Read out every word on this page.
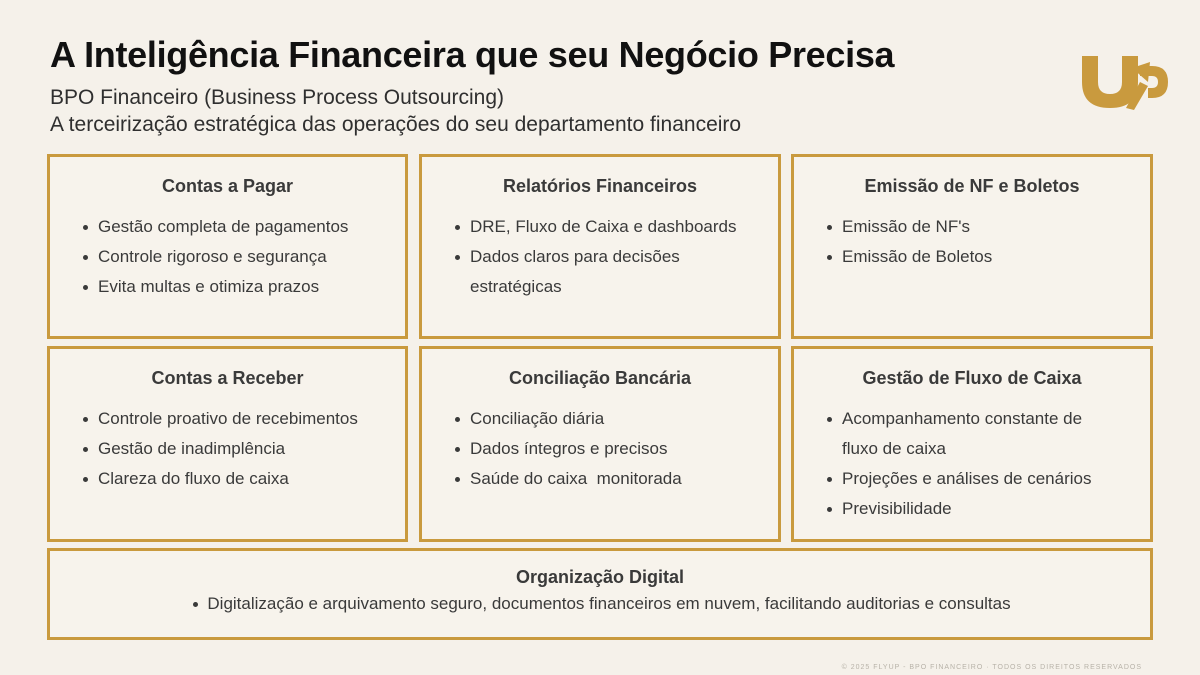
A Inteligência Financeira que seu Negócio Precisa
BPO Financeiro (Business Process Outsourcing)
A terceirização estratégica das operações do seu departamento financeiro
Contas a Pagar
Gestão completa de pagamentos
Controle rigoroso e segurança
Evita multas e otimiza prazos
Relatórios Financeiros
DRE, Fluxo de Caixa e dashboards
Dados claros para decisões estratégicas
Emissão de NF e Boletos
Emissão de NF's
Emissão de Boletos
Contas a Receber
Controle proativo de recebimentos
Gestão de inadimplência
Clareza do fluxo de caixa
Conciliação Bancária
Conciliação diária
Dados íntegros e precisos
Saúde do caixa  monitorada
Gestão de Fluxo de Caixa
Acompanhamento constante de fluxo de caixa
Projeções e análises de cenários
Previsibilidade
Organização Digital
Digitalização e arquivamento seguro, documentos financeiros em nuvem, facilitando auditorias e consultas
© 2025 FLYUP - BPO FINANCEIRO · TODOS OS DIREITOS RESERVADOS
